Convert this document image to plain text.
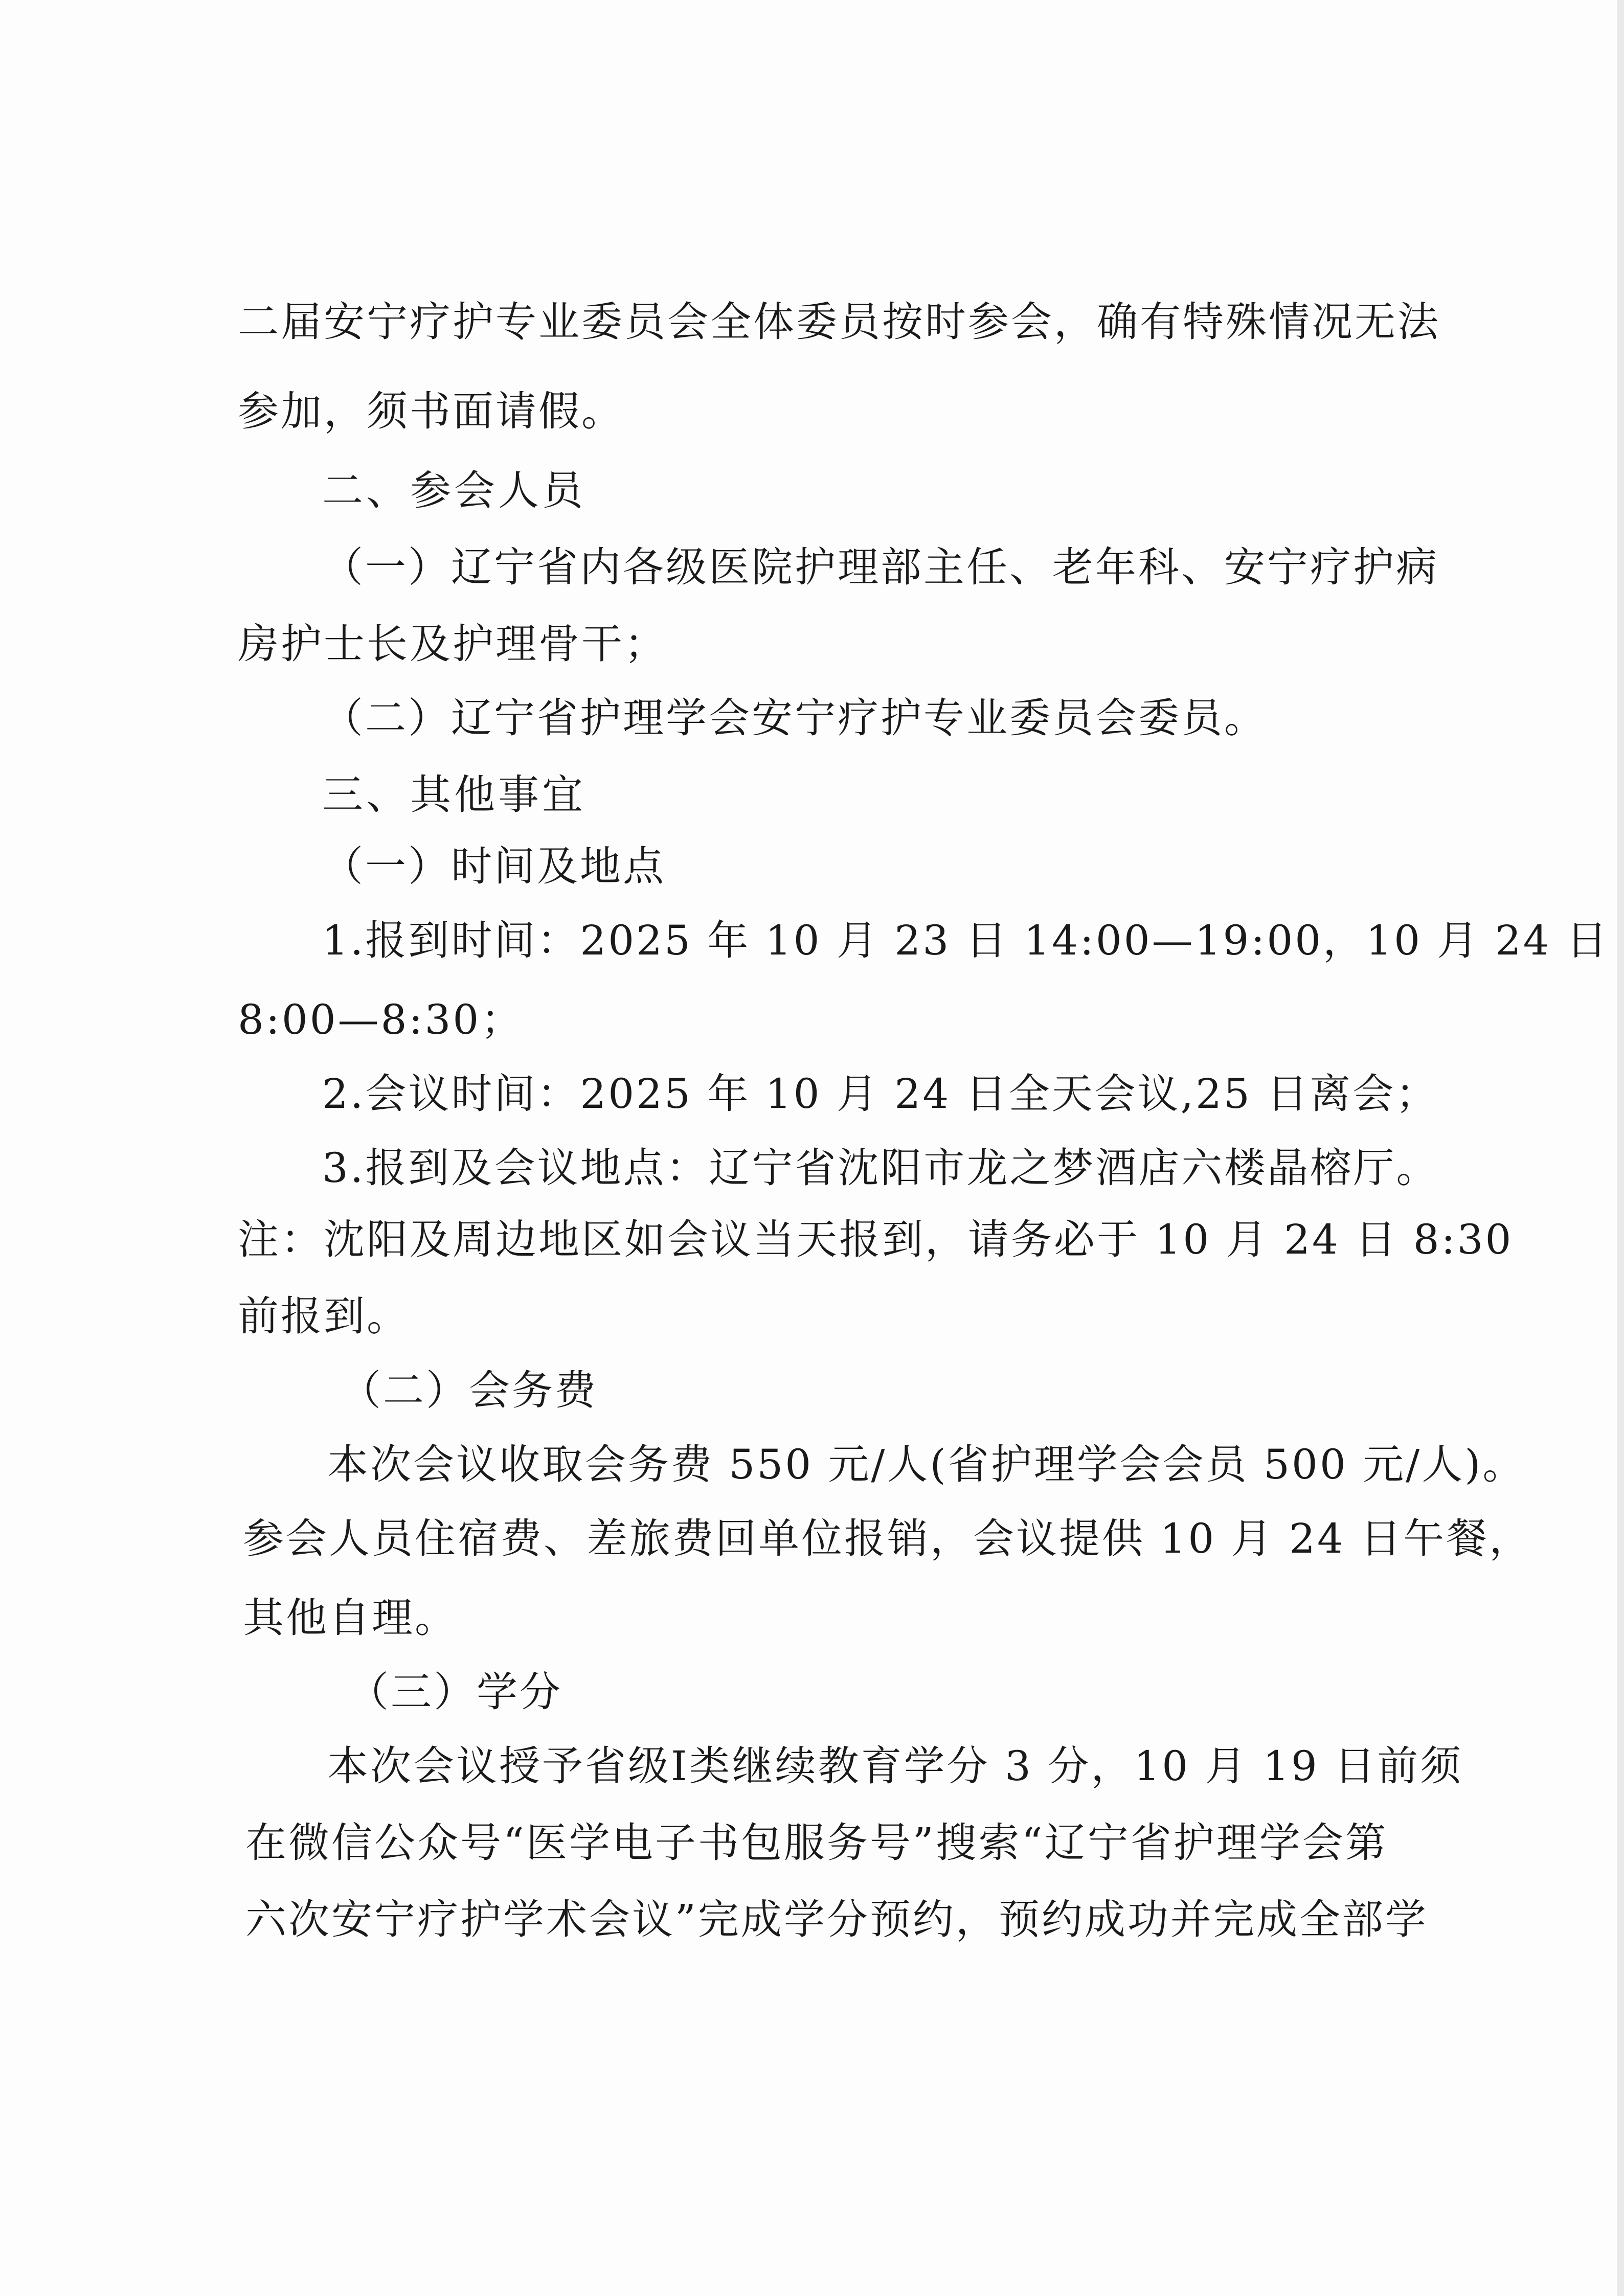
二届安宁疗护专业委员会全体委员按时参会，确有特殊情况无法
参加，须书面请假。
二、参会人员
（一）辽宁省内各级医院护理部主任、老年科、安宁疗护病
房护士长及护理骨干；
（二）辽宁省护理学会安宁疗护专业委员会委员。
三、其他事宜
（一）时间及地点
1.报到时间：2025 年 10 月 23 日 14:00—19:00，10 月 24 日
8:00—8:30；
2.会议时间：2025 年 10 月 24 日全天会议,25 日离会；
3.报到及会议地点：辽宁省沈阳市龙之梦酒店六楼晶榕厅。
注：沈阳及周边地区如会议当天报到，请务必于 10 月 24 日 8:30
前报到。
（二）会务费
本次会议收取会务费 550 元/人(省护理学会会员 500 元/人)。
参会人员住宿费、差旅费回单位报销，会议提供 10 月 24 日午餐，
其他自理。
（三）学分
本次会议授予省级Ⅰ类继续教育学分 3 分，10 月 19 日前须
在微信公众号“医学电子书包服务号”搜索“辽宁省护理学会第
六次安宁疗护学术会议”完成学分预约，预约成功并完成全部学
